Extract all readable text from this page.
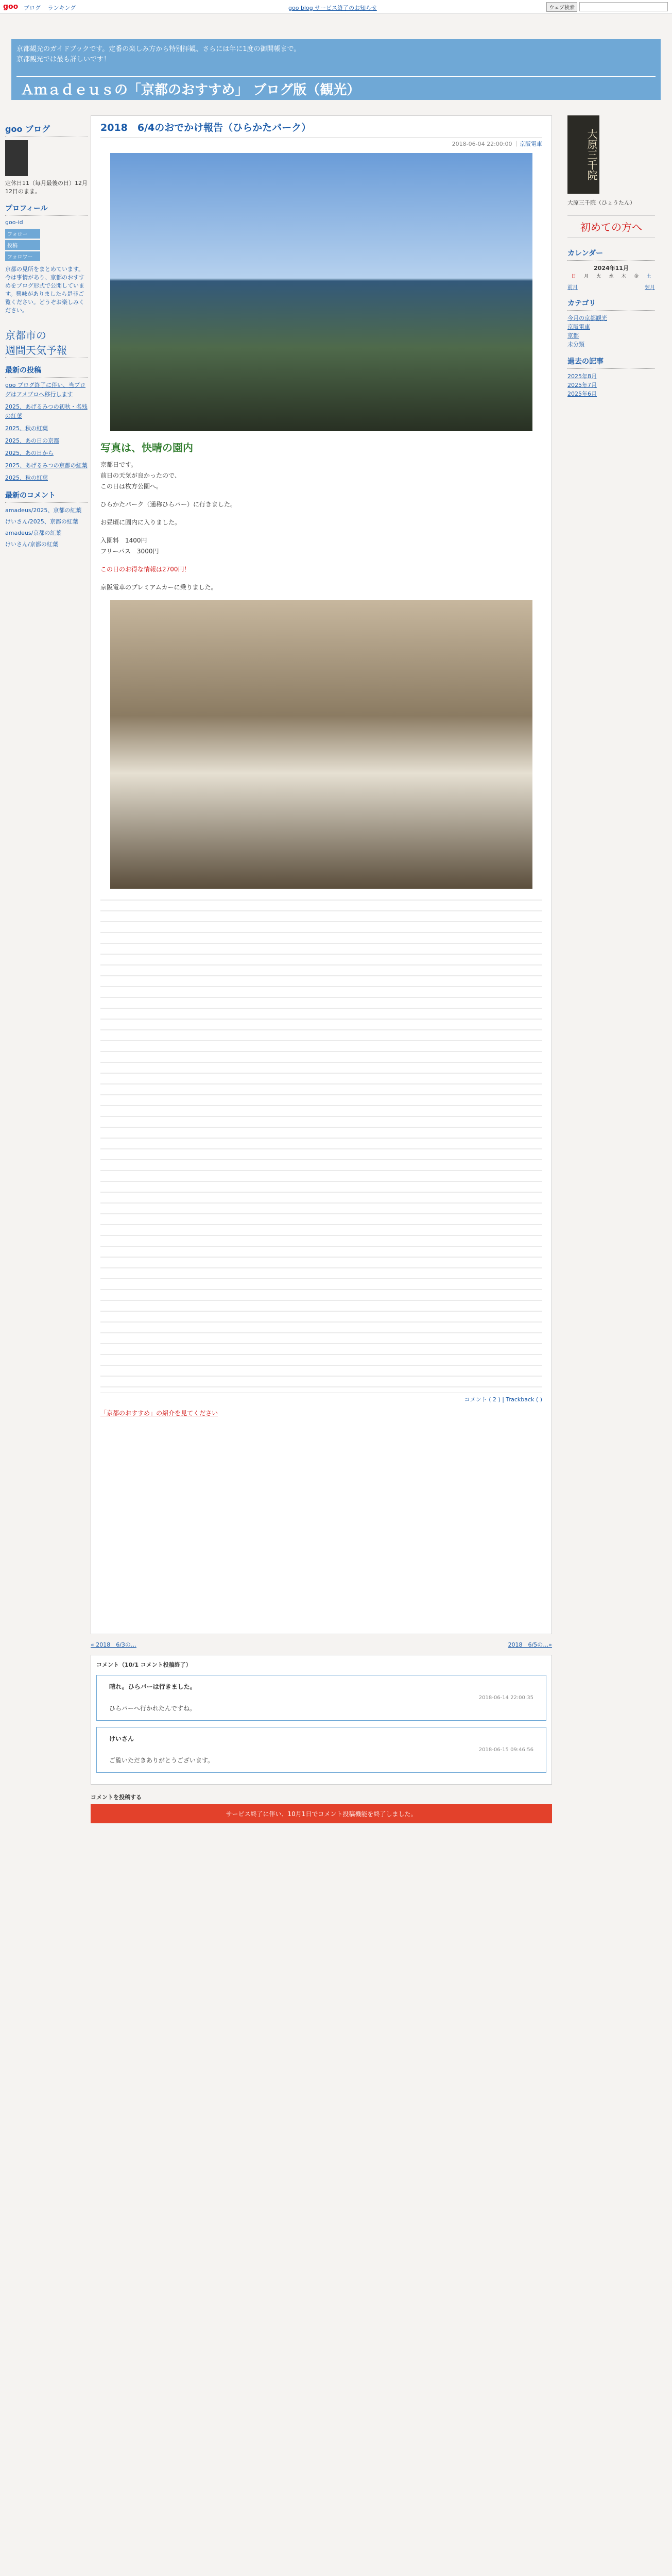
goo ブログ ランキング	goo blog サービス終了のお知らせ	ウェブ検索
京都観光のガイドブックです。定番の楽しみ方から特別拝観、さらには年に1度の御開帳まで。
京都観光では最も詳しいです！
Ａｍａｄｅｕｓの「京都のおすすめ」 ブログ版（観光）
goo ブログ
定休日11（毎月最後の日）12月12日のまま。
プロフィール
goo-id
フォロー
投稿
フォロワー
京都の見所をまとめています。今は事情があり、京都のおすすめをブログ形式で公開しています。興味がありましたら是非ご覧ください。どうぞお楽しみください。
京都市の
週間天気予報
最新の投稿
goo ブログ終了に伴い、当ブログはアメブロへ移行します
2025、あげるみつの初秋・名残の紅葉
2025、秋の紅葉
2025、あの日の京都
2025、あの日から
2025、あげるみつの京都の紅葉
2025、秋の紅葉
最新のコメント
amadeus/2025、京都の紅葉
けいさん/2025、京都の紅葉
amadeus/京都の紅葉
けいさん/京都の紅葉
2018　6/4のおでかけ報告（ひらかたパーク）
2018-06-04 22:00:00 ｜京阪電車
写真は、快晴の園内
京都日です。
前日の天気が良かったので、
この日は枚方公園へ。
ひらかたパーク（通称ひらパー）に行きました。
お昼頃に園内に入りました。
入園料　1400円
フリーパス　3000円
この日のお得な情報は2700円！
京阪電車のプレミアムカーに乗りました。
コメント ( 2 ) | Trackback ( )
「京都のおすすめ」の紹介を見てください
« 2018　6/3の…	2018　6/5の…»
コメント（10/1 コメント投稿終了）
晴れ。ひらパーは行きました。
2018-06-14 22:00:35
ひらパーへ行かれたんですね。
けいさん
2018-06-15 09:46:56
ご覧いただきありがとうございます。
コメントを投稿する
サービス終了に伴い、10月1日でコメント投稿機能を終了しました。
大原三千院
大原三千院（ひょうたん）
初めての方へ
カレンダー
2024年11月
日	月	火	水	木	金	土
前月	翌月
カテゴリ
今月の京都観光
京阪電車
京都
未分類
過去の記事
2025年8月
2025年7月
2025年6月
